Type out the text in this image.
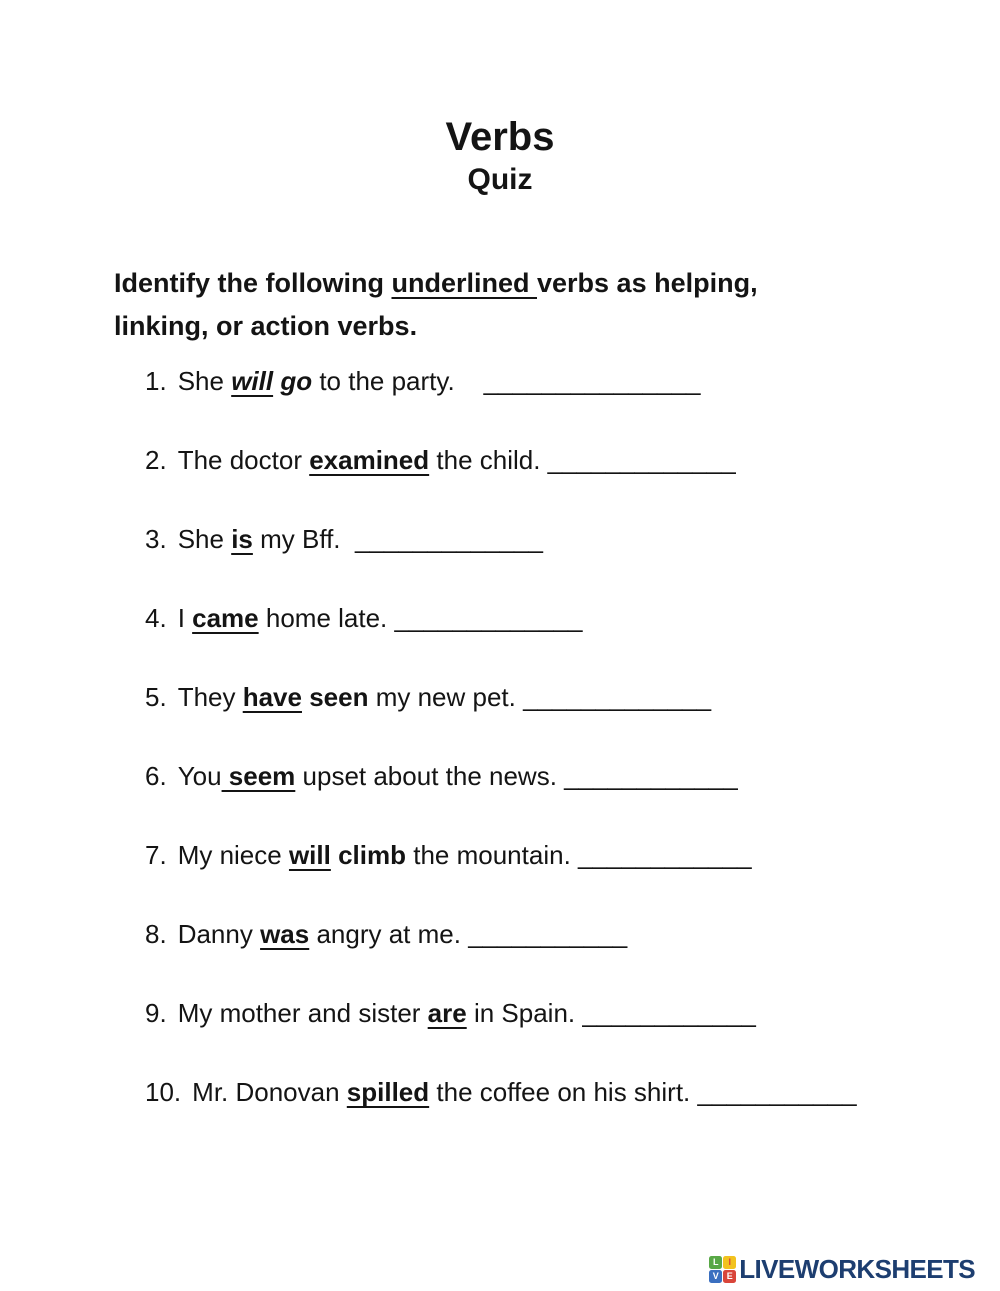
Verbs
Quiz
Identify the following underlined verbs as helping,
linking, or action verbs.
1. She will go to the party.    _______________
2. The doctor examined the child. _____________
3. She is my Bff.  _____________
4. I came home late. _____________
5. They have seen my new pet. _____________
6. You seem upset about the news. ____________
7. My niece will climb the mountain. ____________
8. Danny was angry at me. ___________
9. My mother and sister are in Spain. ____________
10. Mr. Donovan spilled the coffee on his shirt. ___________
L	I
V E LIVEWORKSHEETS
